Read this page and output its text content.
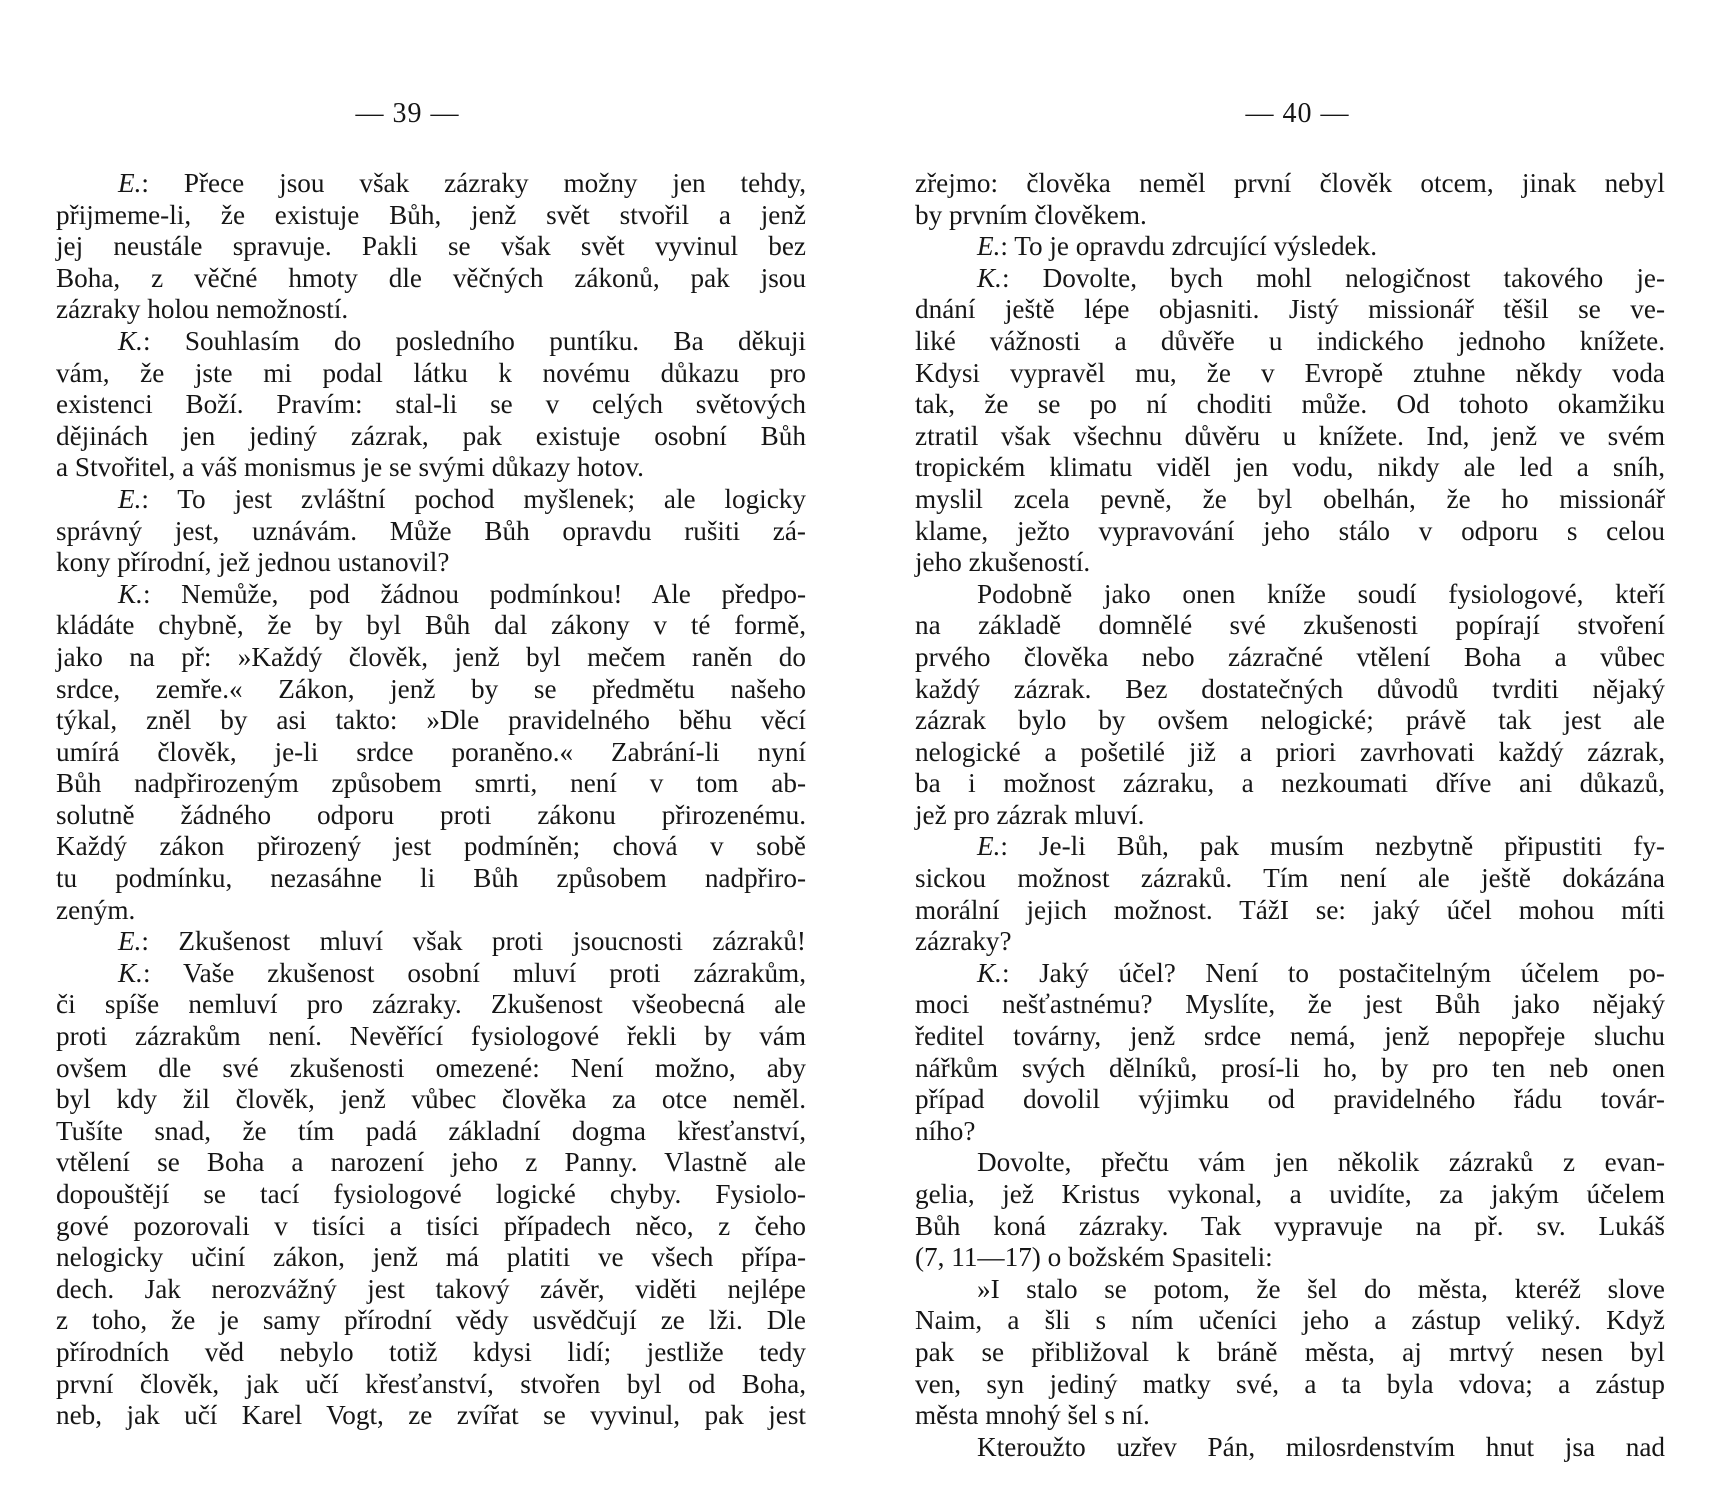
— 39 —
E.: Přece jsou však zázraky možny jen tehdy,
přijmeme-li, že existuje Bůh, jenž svět stvořil a jenž
jej neustále spravuje. Pakli se však svět vyvinul bez
Boha, z věčné hmoty dle věčných zákonů, pak jsou
zázraky holou nemožností.
K.: Souhlasím do posledního puntíku. Ba děkuji
vám, že jste mi podal látku k novému důkazu pro
existenci Boží. Pravím: stal-li se v celých světových
dějinách jen jediný zázrak, pak existuje osobní Bůh
a Stvořitel, a váš monismus je se svými důkazy hotov.
E.: To jest zvláštní pochod myšlenek; ale logicky
správný jest, uznávám. Může Bůh opravdu rušiti zá-
kony přírodní, jež jednou ustanovil?
K.: Nemůže, pod žádnou podmínkou! Ale předpo-
kládáte chybně, že by byl Bůh dal zákony v té formě,
jako na př: »Každý člověk, jenž byl mečem raněn do
srdce, zemře.« Zákon, jenž by se předmětu našeho
týkal, zněl by asi takto: »Dle pravidelného běhu věcí
umírá člověk, je-li srdce poraněno.« Zabrání-li nyní
Bůh nadpřirozeným způsobem smrti, není v tom ab-
solutně žádného odporu proti zákonu přirozenému.
Každý zákon přirozený jest podmíněn; chová v sobě
tu podmínku, nezasáhne li Bůh způsobem nadpřiro-
zeným.
E.: Zkušenost mluví však proti jsoucnosti zázraků!
K.: Vaše zkušenost osobní mluví proti zázrakům,
či spíše nemluví pro zázraky. Zkušenost všeobecná ale
proti zázrakům není. Nevěřící fysiologové řekli by vám
ovšem dle své zkušenosti omezené: Není možno, aby
byl kdy žil člověk, jenž vůbec člověka za otce neměl.
Tušíte snad, že tím padá základní dogma křesťanství,
vtělení se Boha a narození jeho z Panny. Vlastně ale
dopouštějí se tací fysiologové logické chyby. Fysiolo-
gové pozorovali v tisíci a tisíci případech něco, z čeho
nelogicky učiní zákon, jenž má platiti ve všech přípa-
dech. Jak nerozvážný jest takový závěr, viděti nejlépe
z toho, že je samy přírodní vědy usvědčují ze lži. Dle
přírodních věd nebylo totiž kdysi lidí; jestliže tedy
první člověk, jak učí křesťanství, stvořen byl od Boha,
neb, jak učí Karel Vogt, ze zvířat se vyvinul, pak jest
— 40 —
zřejmo: člověka neměl první člověk otcem, jinak nebyl
by prvním člověkem.
E.: To je opravdu zdrcující výsledek.
K.: Dovolte, bych mohl nelogičnost takového je-
dnání ještě lépe objasniti. Jistý missionář těšil se ve-
liké vážnosti a důvěře u indického jednoho knížete.
Kdysi vypravěl mu, že v Evropě ztuhne někdy voda
tak, že se po ní choditi může. Od tohoto okamžiku
ztratil však všechnu důvěru u knížete. Ind, jenž ve svém
tropickém klimatu viděl jen vodu, nikdy ale led a sníh,
myslil zcela pevně, že byl obelhán, že ho missionář
klame, ježto vypravování jeho stálo v odporu s celou
jeho zkušeností.
Podobně jako onen kníže soudí fysiologové, kteří
na základě domnělé své zkušenosti popírají stvoření
prvého člověka nebo zázračné vtělení Boha a vůbec
každý zázrak. Bez dostatečných důvodů tvrditi nějaký
zázrak bylo by ovšem nelogické; právě tak jest ale
nelogické a pošetilé již a priori zavrhovati každý zázrak,
ba i možnost zázraku, a nezkoumati dříve ani důkazů,
jež pro zázrak mluví.
E.: Je-li Bůh, pak musím nezbytně připustiti fy-
sickou možnost zázraků. Tím není ale ještě dokázána
morální jejich možnost. TážI se: jaký účel mohou míti
zázraky?
K.: Jaký účel? Není to postačitelným účelem po-
moci nešťastnému? Myslíte, že jest Bůh jako nějaký
ředitel továrny, jenž srdce nemá, jenž nepopřeje sluchu
nářkům svých dělníků, prosí-li ho, by pro ten neb onen
případ dovolil výjimku od pravidelného řádu továr-
ního?
Dovolte, přečtu vám jen několik zázraků z evan-
gelia, jež Kristus vykonal, a uvidíte, za jakým účelem
Bůh koná zázraky. Tak vypravuje na př. sv. Lukáš
(7, 11—17) o božském Spasiteli:
»I stalo se potom, že šel do města, kteréž slove
Naim, a šli s ním učeníci jeho a zástup veliký. Když
pak se přibližoval k bráně města, aj mrtvý nesen byl
ven, syn jediný matky své, a ta byla vdova; a zástup
města mnohý šel s ní.
Kteroužto uzřev Pán, milosrdenstvím hnut jsa nad
